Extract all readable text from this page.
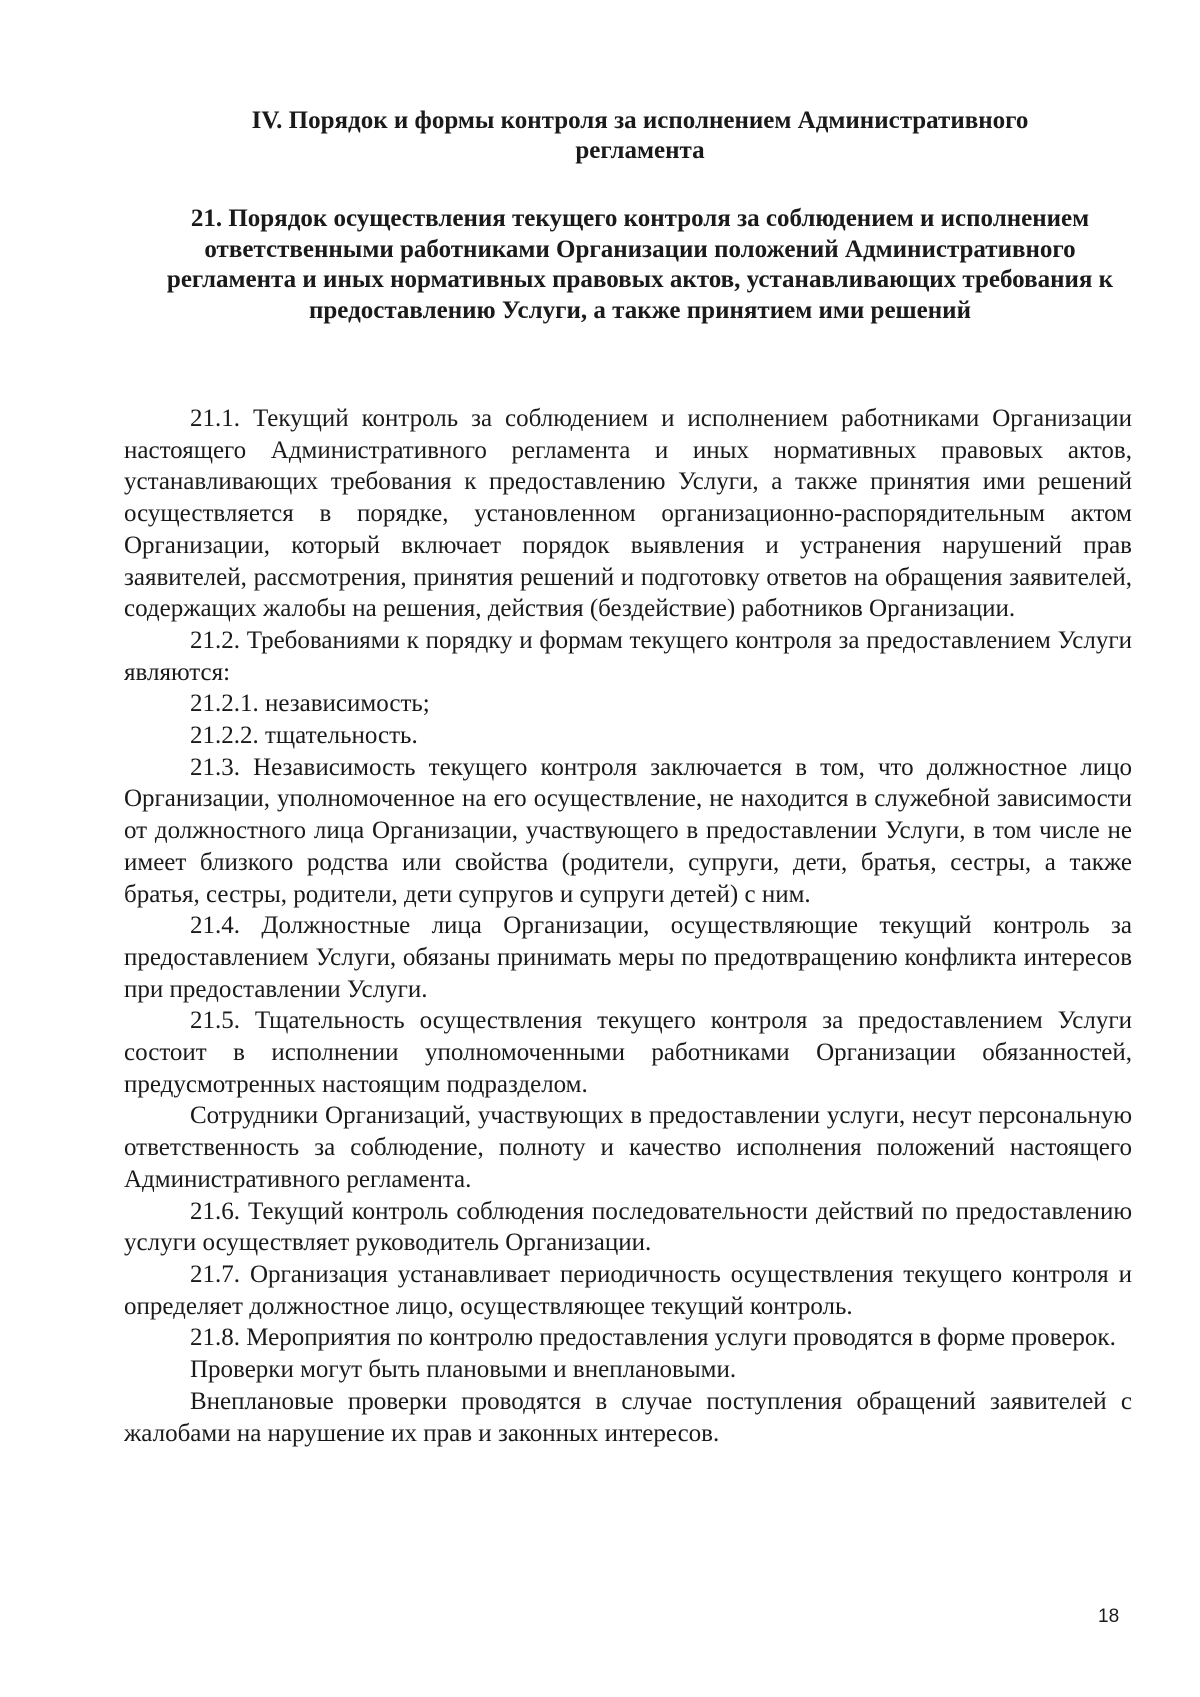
IV. Порядок и формы контроля за исполнением Административного регламента
21. Порядок осуществления текущего контроля за соблюдением и исполнением ответственными работниками Организации положений Административного регламента и иных нормативных правовых актов, устанавливающих требования к предоставлению Услуги, а также принятием ими решений

21.1. Текущий контроль за соблюдением и исполнением работниками Организации настоящего Административного регламента и иных нормативных правовых актов, устанавливающих требования к предоставлению Услуги, а также принятия ими решений осуществляется в порядке, установленном организационно-распорядительным актом Организации, который включает порядок выявления и устранения нарушений прав заявителей, рассмотрения, принятия решений и подготовку ответов на обращения заявителей, содержащих жалобы на решения, действия (бездействие) работников Организации.

21.2. Требованиями к порядку и формам текущего контроля за предоставлением Услуги являются:

21.2.1. независимость;

21.2.2. тщательность.

21.3. Независимость текущего контроля заключается в том, что должностное лицо Организации, уполномоченное на его осуществление, не находится в служебной зависимости от должностного лица Организации, участвующего в предоставлении Услуги, в том числе не имеет близкого родства или свойства (родители, супруги, дети, братья, сестры, а также братья, сестры, родители, дети супругов и супруги детей) с ним.

21.4. Должностные лица Организации, осуществляющие текущий контроль за предоставлением Услуги, обязаны принимать меры по предотвращению конфликта интересов при предоставлении Услуги.

21.5. Тщательность осуществления текущего контроля за предоставлением Услуги состоит в исполнении уполномоченными работниками Организации обязанностей, предусмотренных настоящим подразделом.

Сотрудники Организаций, участвующих в предоставлении услуги, несут персональную ответственность за соблюдение, полноту и качество исполнения положений настоящего Административного регламента.

21.6. Текущий контроль соблюдения последовательности действий по предоставлению услуги осуществляет руководитель Организации.

21.7. Организация устанавливает периодичность осуществления текущего контроля и определяет должностное лицо, осуществляющее текущий контроль.

21.8. Мероприятия по контролю предоставления услуги проводятся в форме проверок.

Проверки могут быть плановыми и внеплановыми.

Внеплановые проверки проводятся в случае поступления обращений заявителей с жалобами на нарушение их прав и законных интересов.

18
